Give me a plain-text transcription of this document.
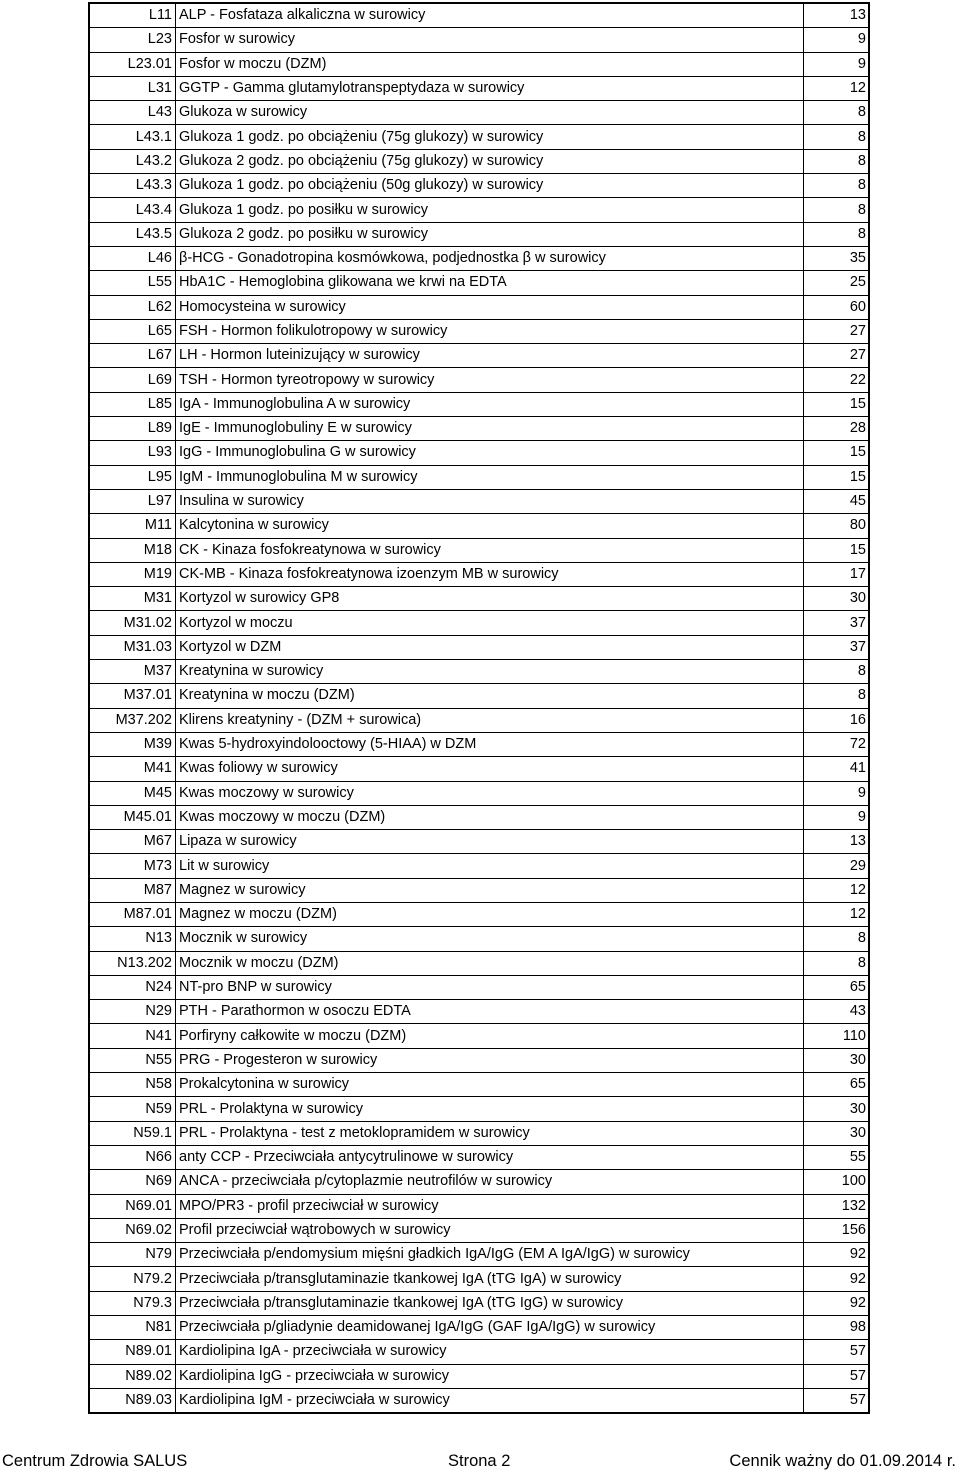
L11	ALP - Fosfataza alkaliczna w surowicy	13
L23	Fosfor w surowicy	9
L23.01	Fosfor w moczu (DZM)	9
L31	GGTP - Gamma glutamylotranspeptydaza w surowicy	12
L43	Glukoza w surowicy	8
L43.1	Glukoza 1 godz. po obciążeniu (75g glukozy) w surowicy	8
L43.2	Glukoza 2 godz. po obciążeniu (75g glukozy) w surowicy	8
L43.3	Glukoza 1 godz. po obciążeniu (50g glukozy) w surowicy	8
L43.4	Glukoza 1 godz. po posiłku w surowicy	8
L43.5	Glukoza 2 godz. po posiłku w surowicy	8
L46	β-HCG - Gonadotropina kosmówkowa, podjednostka β w surowicy	35
L55	HbA1C - Hemoglobina glikowana we krwi na EDTA	25
L62	Homocysteina w surowicy	60
L65	FSH - Hormon folikulotropowy w surowicy	27
L67	LH - Hormon luteinizujący w surowicy	27
L69	TSH - Hormon tyreotropowy w surowicy	22
L85	IgA - Immunoglobulina A w surowicy	15
L89	IgE - Immunoglobuliny E w surowicy	28
L93	IgG - Immunoglobulina G w surowicy	15
L95	IgM - Immunoglobulina M w surowicy	15
L97	Insulina w surowicy	45
M11	Kalcytonina w surowicy	80
M18	CK - Kinaza fosfokreatynowa w surowicy	15
M19	CK-MB - Kinaza fosfokreatynowa izoenzym MB w surowicy	17
M31	Kortyzol w surowicy GP8	30
M31.02	Kortyzol w moczu	37
M31.03	Kortyzol w DZM	37
M37	Kreatynina w surowicy	8
M37.01	Kreatynina w moczu (DZM)	8
M37.202	Klirens kreatyniny - (DZM + surowica)	16
M39	Kwas 5-hydroxyindolooctowy (5-HIAA) w DZM	72
M41	Kwas foliowy w surowicy	41
M45	Kwas moczowy w surowicy	9
M45.01	Kwas moczowy w moczu (DZM)	9
M67	Lipaza w surowicy	13
M73	Lit w surowicy	29
M87	Magnez w surowicy	12
M87.01	Magnez w moczu (DZM)	12
N13	Mocznik w surowicy	8
N13.202	Mocznik w moczu (DZM)	8
N24	NT-pro BNP w surowicy	65
N29	PTH - Parathormon w osoczu EDTA	43
N41	Porfiryny całkowite w moczu (DZM)	110
N55	PRG - Progesteron w surowicy	30
N58	Prokalcytonina w surowicy	65
N59	PRL - Prolaktyna w surowicy	30
N59.1	PRL - Prolaktyna - test z metoklopramidem w surowicy	30
N66	anty CCP - Przeciwciała antycytrulinowe w surowicy	55
N69	ANCA - przeciwciała p/cytoplazmie neutrofilów w surowicy	100
N69.01	MPO/PR3 - profil przeciwciał w surowicy	132
N69.02	Profil przeciwciał wątrobowych w surowicy	156
N79	Przeciwciała p/endomysium mięśni gładkich IgA/IgG (EM A IgA/IgG) w surowicy	92
N79.2	Przeciwciała p/transglutaminazie tkankowej IgA (tTG IgA) w surowicy	92
N79.3	Przeciwciała p/transglutaminazie tkankowej IgA (tTG IgG) w surowicy	92
N81	Przeciwciała p/gliadynie deamidowanej IgA/IgG (GAF IgA/IgG) w surowicy	98
N89.01	Kardiolipina IgA - przeciwciała w surowicy	57
N89.02	Kardiolipina IgG - przeciwciała w surowicy	57
N89.03	Kardiolipina IgM - przeciwciała w surowicy	57
Centrum Zdrowia SALUS	Strona 2	Cennik ważny do 01.09.2014 r.
